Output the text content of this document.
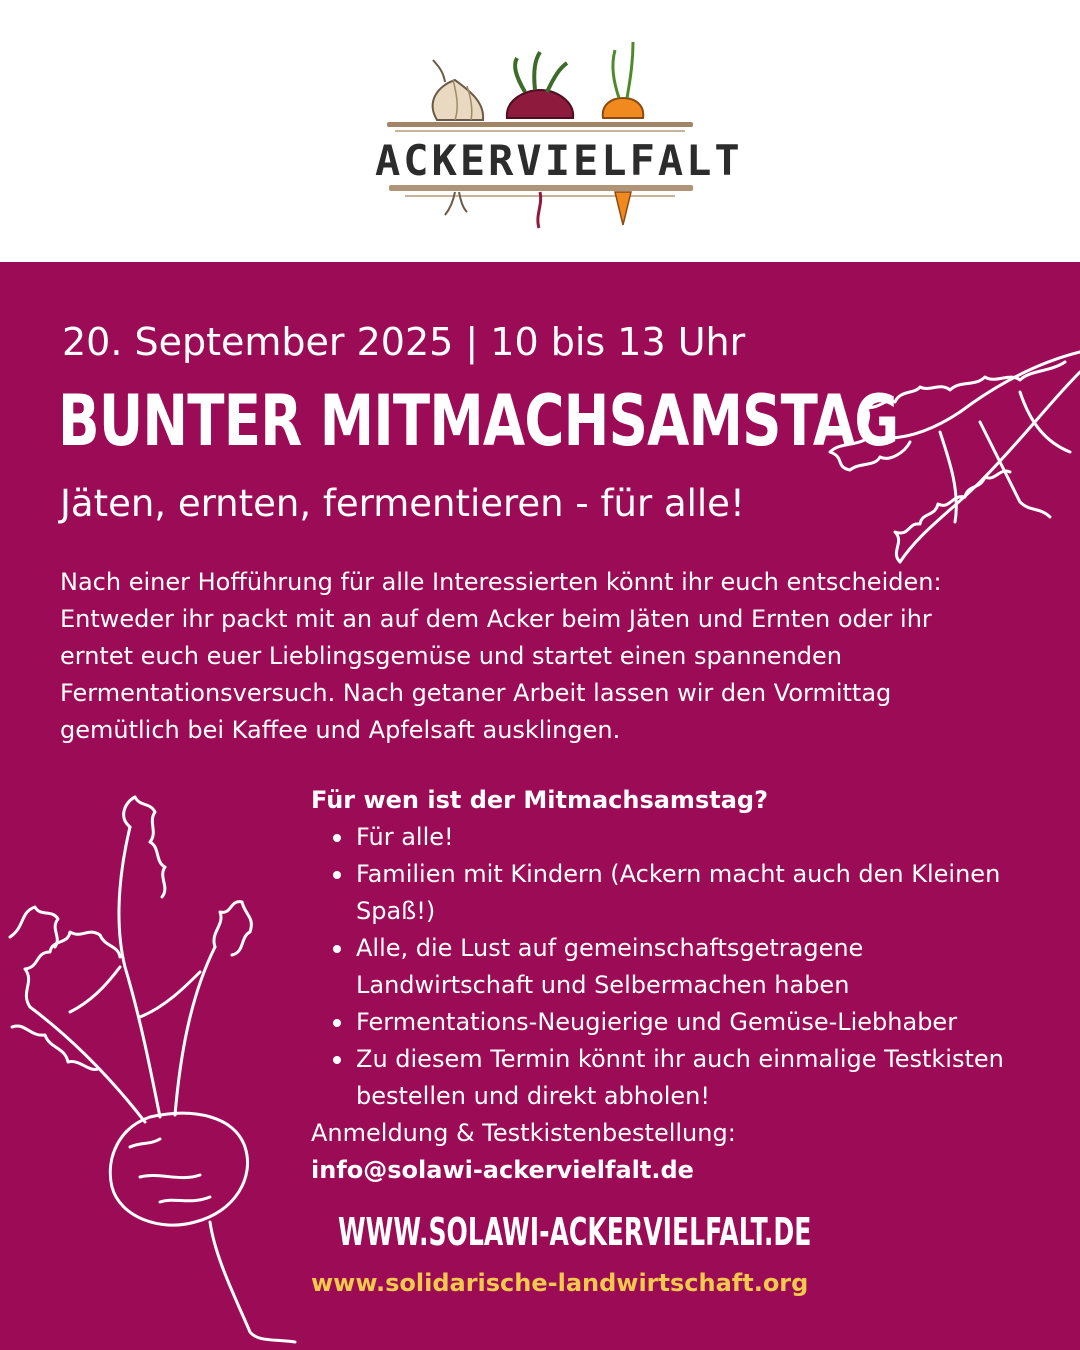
ACKERVIELFALT
20. September 2025 | 10 bis 13 Uhr
BUNTER MITMACHSAMSTAG
Jäten, ernten, fermentieren - für alle!
Nach einer Hofführung für alle Interessierten könnt ihr euch entscheiden: Entweder ihr packt mit an auf dem Acker beim Jäten und Ernten oder ihr erntet euch euer Lieblingsgemüse und startet einen spannenden Fermentationsversuch. Nach getaner Arbeit lassen wir den Vormittag gemütlich bei Kaffee und Apfelsaft ausklingen.
Für wen ist der Mitmachsamstag?
Für alle!
Familien mit Kindern (Ackern macht auch den Kleinen Spaß!)
Alle, die Lust auf gemeinschaftsgetragene Landwirtschaft und Selbermachen haben
Fermentations-Neugierige und Gemüse-Liebhaber
Zu diesem Termin könnt ihr auch einmalige Testkisten bestellen und direkt abholen!
Anmeldung & Testkistenbestellung:
info@solawi-ackervielfalt.de
WWW.SOLAWI-ACKERVIELFALT.DE
www.solidarische-landwirtschaft.org
